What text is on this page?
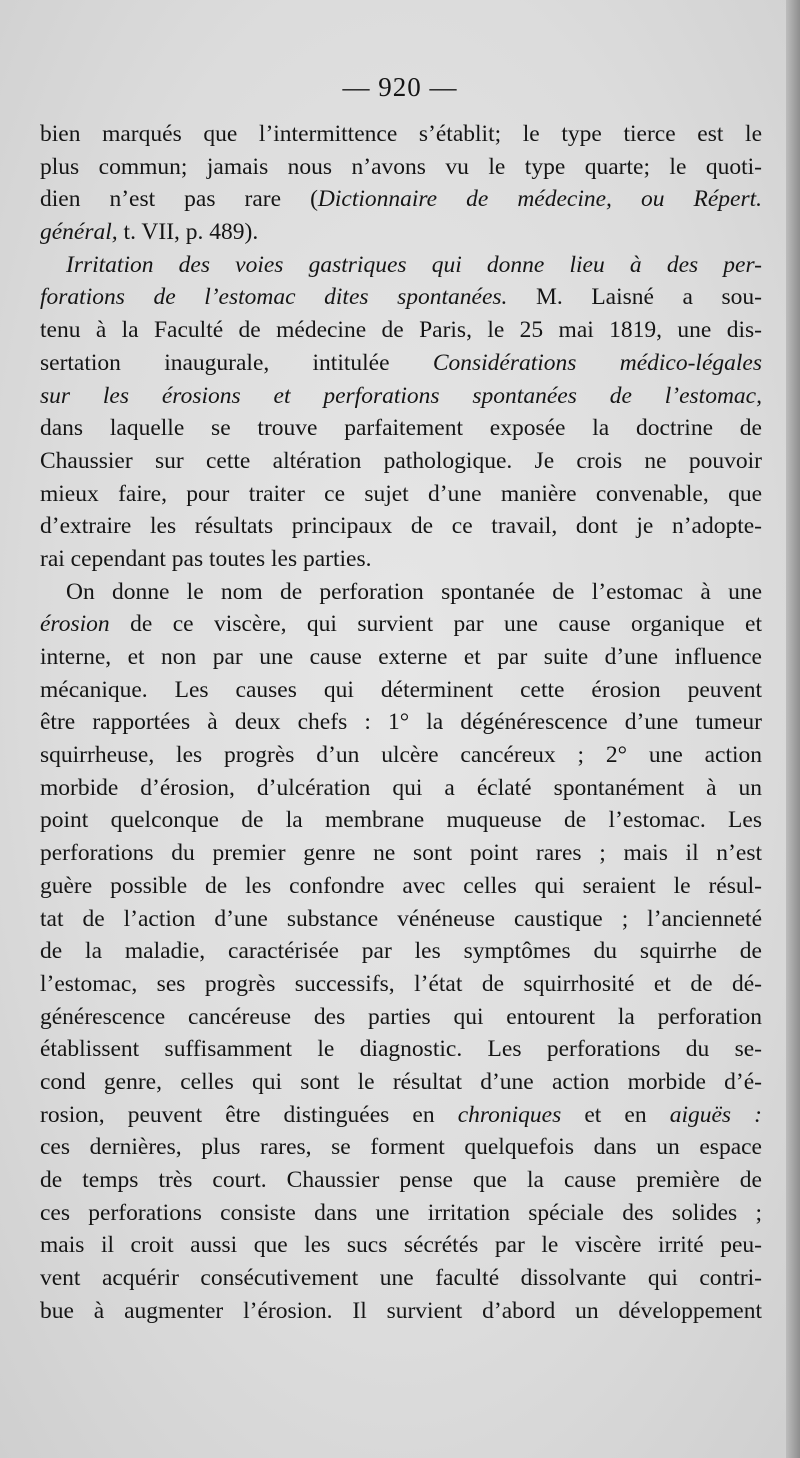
— 920 —
bien marqués que l’intermittence s’établit; le type tierce est le
plus commun; jamais nous n’avons vu le type quarte; le quoti-
dien n’est pas rare (Dictionnaire de médecine, ou Répert.
général, t. VII, p. 489).
Irritation des voies gastriques qui donne lieu à des per-
forations de l’estomac dites spontanées. M. Laisné a sou-
tenu à la Faculté de médecine de Paris, le 25 mai 1819, une dis-
sertation inaugurale, intitulée Considérations médico-légales
sur les érosions et perforations spontanées de l’estomac,
dans laquelle se trouve parfaitement exposée la doctrine de
Chaussier sur cette altération pathologique. Je crois ne pouvoir
mieux faire, pour traiter ce sujet d’une manière convenable, que
d’extraire les résultats principaux de ce travail, dont je n’adopte-
rai cependant pas toutes les parties.
On donne le nom de perforation spontanée de l’estomac à une
érosion de ce viscère, qui survient par une cause organique et
interne, et non par une cause externe et par suite d’une influence
mécanique. Les causes qui déterminent cette érosion peuvent
être rapportées à deux chefs : 1° la dégénérescence d’une tumeur
squirrheuse, les progrès d’un ulcère cancéreux ; 2° une action
morbide d’érosion, d’ulcération qui a éclaté spontanément à un
point quelconque de la membrane muqueuse de l’estomac. Les
perforations du premier genre ne sont point rares ; mais il n’est
guère possible de les confondre avec celles qui seraient le résul-
tat de l’action d’une substance vénéneuse caustique ; l’ancienneté
de la maladie, caractérisée par les symptômes du squirrhe de
l’estomac, ses progrès successifs, l’état de squirrhosité et de dé-
générescence cancéreuse des parties qui entourent la perforation
établissent suffisamment le diagnostic. Les perforations du se-
cond genre, celles qui sont le résultat d’une action morbide d’é-
rosion, peuvent être distinguées en chroniques et en aiguës :
ces dernières, plus rares, se forment quelquefois dans un espace
de temps très court. Chaussier pense que la cause première de
ces perforations consiste dans une irritation spéciale des solides ;
mais il croit aussi que les sucs sécrétés par le viscère irrité peu-
vent acquérir consécutivement une faculté dissolvante qui contri-
bue à augmenter l’érosion. Il survient d’abord un développement
